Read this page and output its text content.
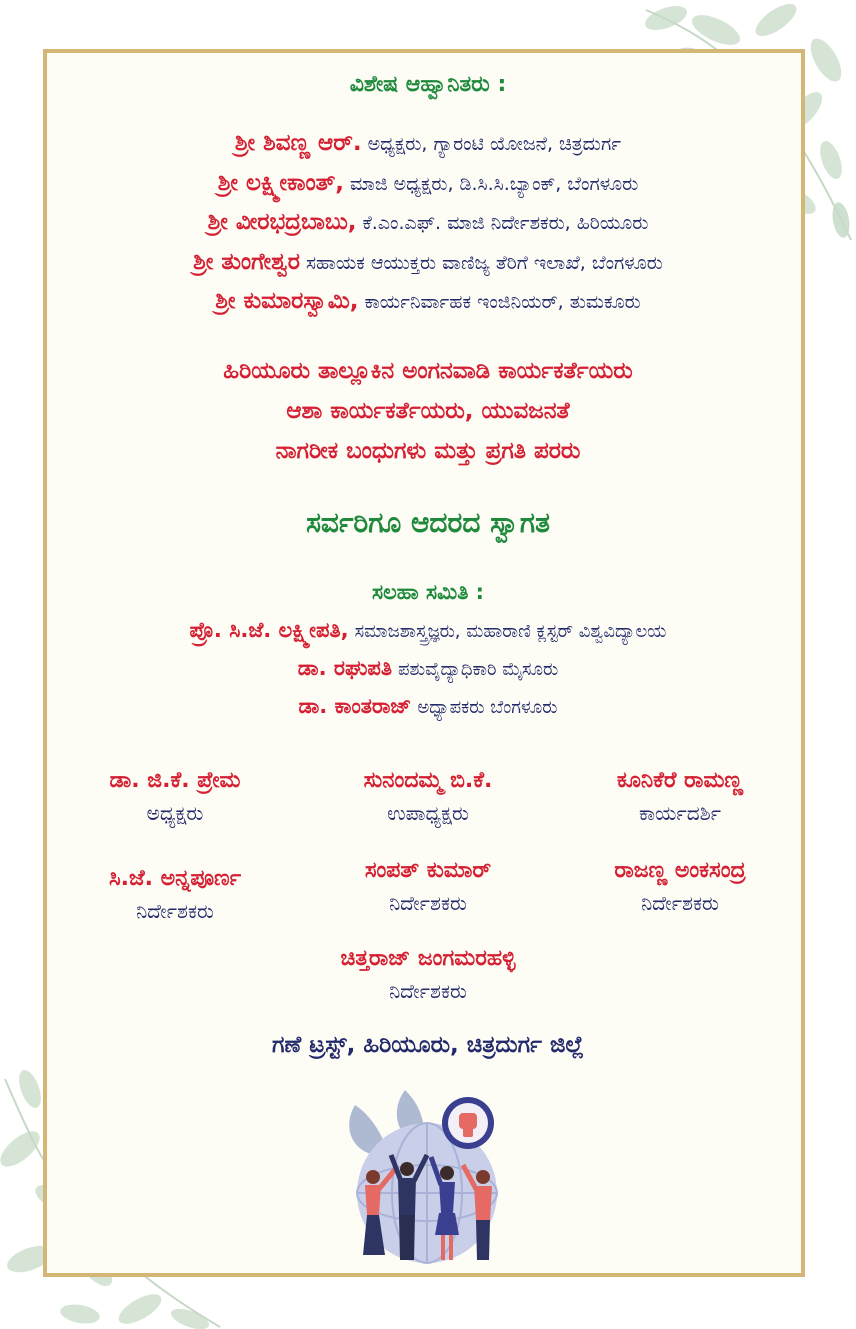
ವಿಶೇಷ ಆಹ್ವಾನಿತರು :
ಶ್ರೀ ಶಿವಣ್ಣ ಆರ್. ಅಧ್ಯಕ್ಷರು, ಗ್ಯಾರಂಟಿ ಯೋಜನೆ, ಚಿತ್ರದುರ್ಗ
ಶ್ರೀ ಲಕ್ಷ್ಮೀಕಾಂತ್, ಮಾಜಿ ಅಧ್ಯಕ್ಷರು, ಡಿ.ಸಿ.ಸಿ.ಬ್ಯಾಂಕ್, ಬೆಂಗಳೂರು
ಶ್ರೀ ವೀರಭದ್ರಬಾಬು, ಕೆ.ಎಂ.ಎಫ್. ಮಾಜಿ ನಿರ್ದೇಶಕರು, ಹಿರಿಯೂರು
ಶ್ರೀ ತುಂಗೇಶ್ವರ ಸಹಾಯಕ ಆಯುಕ್ತರು ವಾಣಿಜ್ಯ ತೆರಿಗೆ ಇಲಾಖೆ, ಬೆಂಗಳೂರು
ಶ್ರೀ ಕುಮಾರಸ್ವಾಮಿ, ಕಾರ್ಯನಿರ್ವಾಹಕ ಇಂಜಿನಿಯರ್, ತುಮಕೂರು
ಹಿರಿಯೂರು ತಾಲ್ಲೂಕಿನ ಅಂಗನವಾಡಿ ಕಾರ್ಯಕರ್ತೆಯರು
ಆಶಾ ಕಾರ್ಯಕರ್ತೆಯರು, ಯುವಜನತೆ
ನಾಗರೀಕ ಬಂಧುಗಳು ಮತ್ತು ಪ್ರಗತಿ ಪರರು
ಸರ್ವರಿಗೂ ಆದರದ ಸ್ವಾಗತ
ಸಲಹಾ ಸಮಿತಿ :
ಪ್ರೊ. ಸಿ.ಜೆ. ಲಕ್ಷ್ಮೀಪತಿ, ಸಮಾಜಶಾಸ್ತ್ರಜ್ಞರು, ಮಹಾರಾಣಿ ಕ್ಲಸ್ಟರ್ ವಿಶ್ವವಿದ್ಯಾಲಯ
ಡಾ. ರಘುಪತಿ ಪಶುವೈದ್ಯಾಧಿಕಾರಿ ಮೈಸೂರು
ಡಾ. ಕಾಂತರಾಜ್ ಅಧ್ಯಾಪಕರು ಬೆಂಗಳೂರು
ಡಾ. ಜಿ.ಕೆ. ಪ್ರೇಮ
ಅಧ್ಯಕ್ಷರು
ಸುನಂದಮ್ಮ ಬಿ.ಕೆ.
ಉಪಾಧ್ಯಕ್ಷರು
ಕೂನಿಕೆರೆ ರಾಮಣ್ಣ
ಕಾರ್ಯದರ್ಶಿ
ಸಿ.ಜೆ. ಅನ್ನಪೂರ್ಣ
ನಿರ್ದೇಶಕರು
ಸಂಪತ್ ಕುಮಾರ್
ನಿರ್ದೇಶಕರು
ರಾಜಣ್ಣ ಅಂಕಸಂದ್ರ
ನಿರ್ದೇಶಕರು
ಚಿತ್ತರಾಜ್ ಜಂಗಮರಹಳ್ಳಿ
ನಿರ್ದೇಶಕರು
ಗಣೆ ಟ್ರಸ್ಟ್, ಹಿರಿಯೂರು, ಚಿತ್ರದುರ್ಗ ಜಿಲ್ಲೆ
